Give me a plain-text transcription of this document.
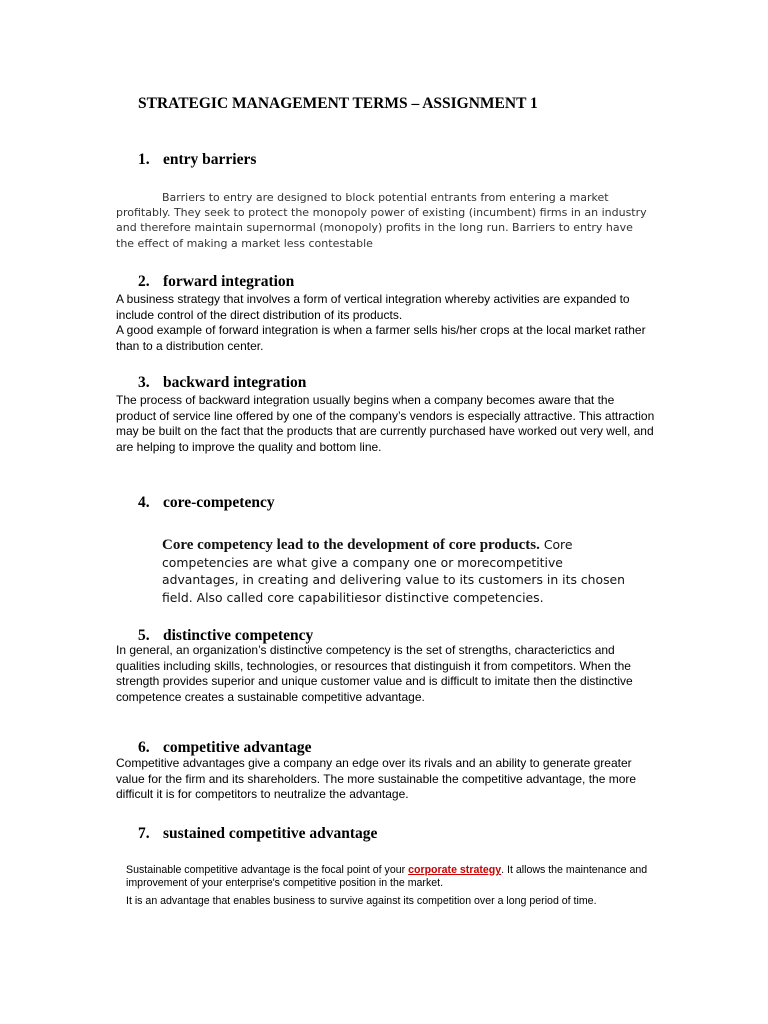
STRATEGIC MANAGEMENT TERMS – ASSIGNMENT 1
1. entry barriers
Barriers to entry are designed to block potential entrants from entering a market profitably. They seek to protect the monopoly power of existing (incumbent) firms in an industry and therefore maintain supernormal (monopoly) profits in the long run. Barriers to entry have the effect of making a market less contestable
2. forward integration

A business strategy that involves a form of vertical integration whereby activities are expanded to include control of the direct distribution of its products.

A good example of forward integration is when a farmer sells his/her crops at the local market rather than to a distribution center.

3. backward integration
The process of backward integration usually begins when a company becomes aware that the product of service line offered by one of the company’s vendors is especially attractive. This attraction may be built on the fact that the products that are currently purchased have worked out very well, and are helping to improve the quality and bottom line.
4. core-competency
Core competency lead to the development of core products. Core competencies are what give a company one or morecompetitive advantages, in creating and delivering value to its customers in its chosen field. Also called core capabilitiesor distinctive competencies.
5. distinctive competency
In general, an organization’s distinctive competency is the set of strengths, characterictics and qualities including skills, technologies, or resources that distinguish it from competitors. When the strength provides superior and unique customer value and is difficult to imitate then the distinctive competence creates a sustainable competitive advantage.
6. competitive advantage
Competitive advantages give a company an edge over its rivals and an ability to generate greater value for the firm and its shareholders. The more sustainable the competitive advantage, the more difficult it is for competitors to neutralize the advantage.
7. sustained competitive advantage

Sustainable competitive advantage is the focal point of your corporate strategy. It allows the maintenance and improvement of your enterprise's competitive position in the market.

It is an advantage that enables business to survive against its competition over a long period of time.
